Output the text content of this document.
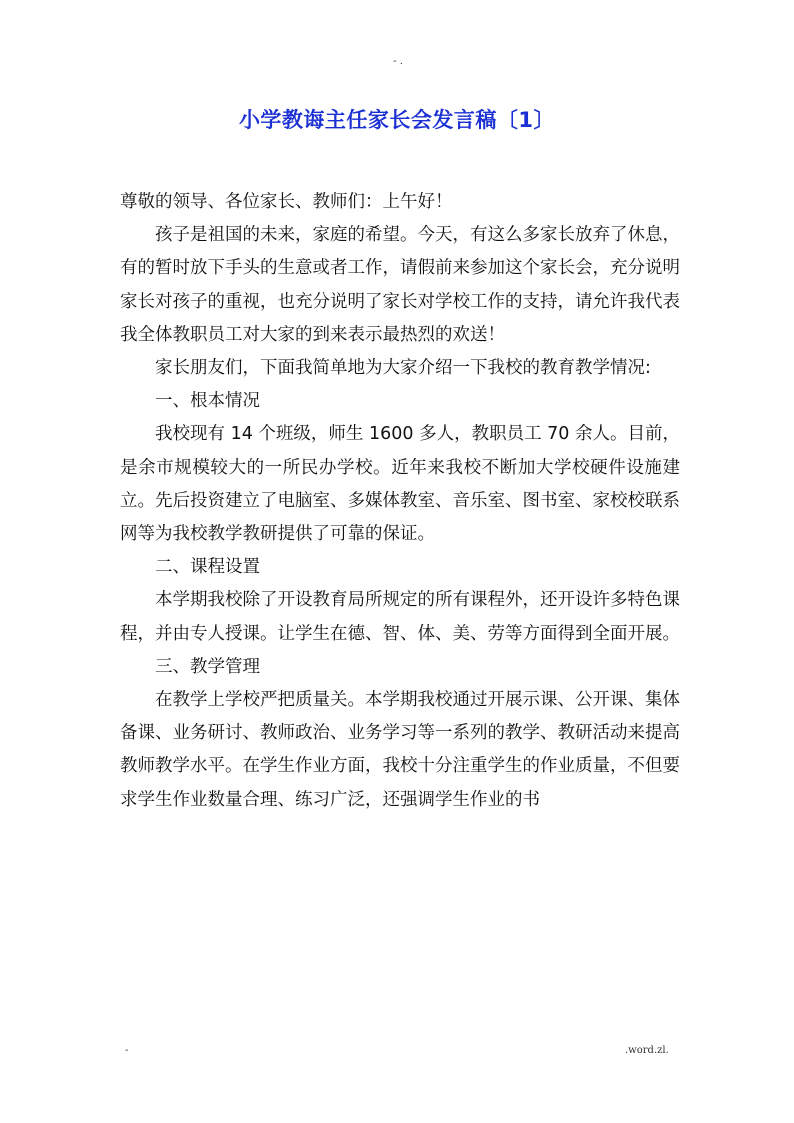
- .
小学教诲主任家长会发言稿〔1〕

尊敬的领导、各位家长、教师们：上午好！

孩子是祖国的未来，家庭的希望。今天，有这么多家长放弃了休息，有的暂时放下手头的生意或者工作，请假前来参加这个家长会，充分说明家长对孩子的重视，也充分说明了家长对学校工作的支持，请允许我代表我全体教职员工对大家的到来表示最热烈的欢送！

家长朋友们，下面我简单地为大家介绍一下我校的教育教学情况:

一、根本情况

我校现有 14 个班级，师生 1600 多人，教职员工 70 余人。目前，是余市规模较大的一所民办学校。近年来我校不断加大学校硬件设施建立。先后投资建立了电脑室、多媒体教室、音乐室、图书室、家校校联系网等为我校教学教研提供了可靠的保证。

二、课程设置

本学期我校除了开设教育局所规定的所有课程外，还开设许多特色课程，并由专人授课。让学生在德、智、体、美、劳等方面得到全面开展。

三、教学管理

在教学上学校严把质量关。本学期我校通过开展示课、公开课、集体备课、业务研讨、教师政治、业务学习等一系列的教学、教研活动来提高教师教学水平。在学生作业方面，我校十分注重学生的作业质量，不但要求学生作业数量合理、练习广泛，还强调学生作业的书

-	.word.zl.
